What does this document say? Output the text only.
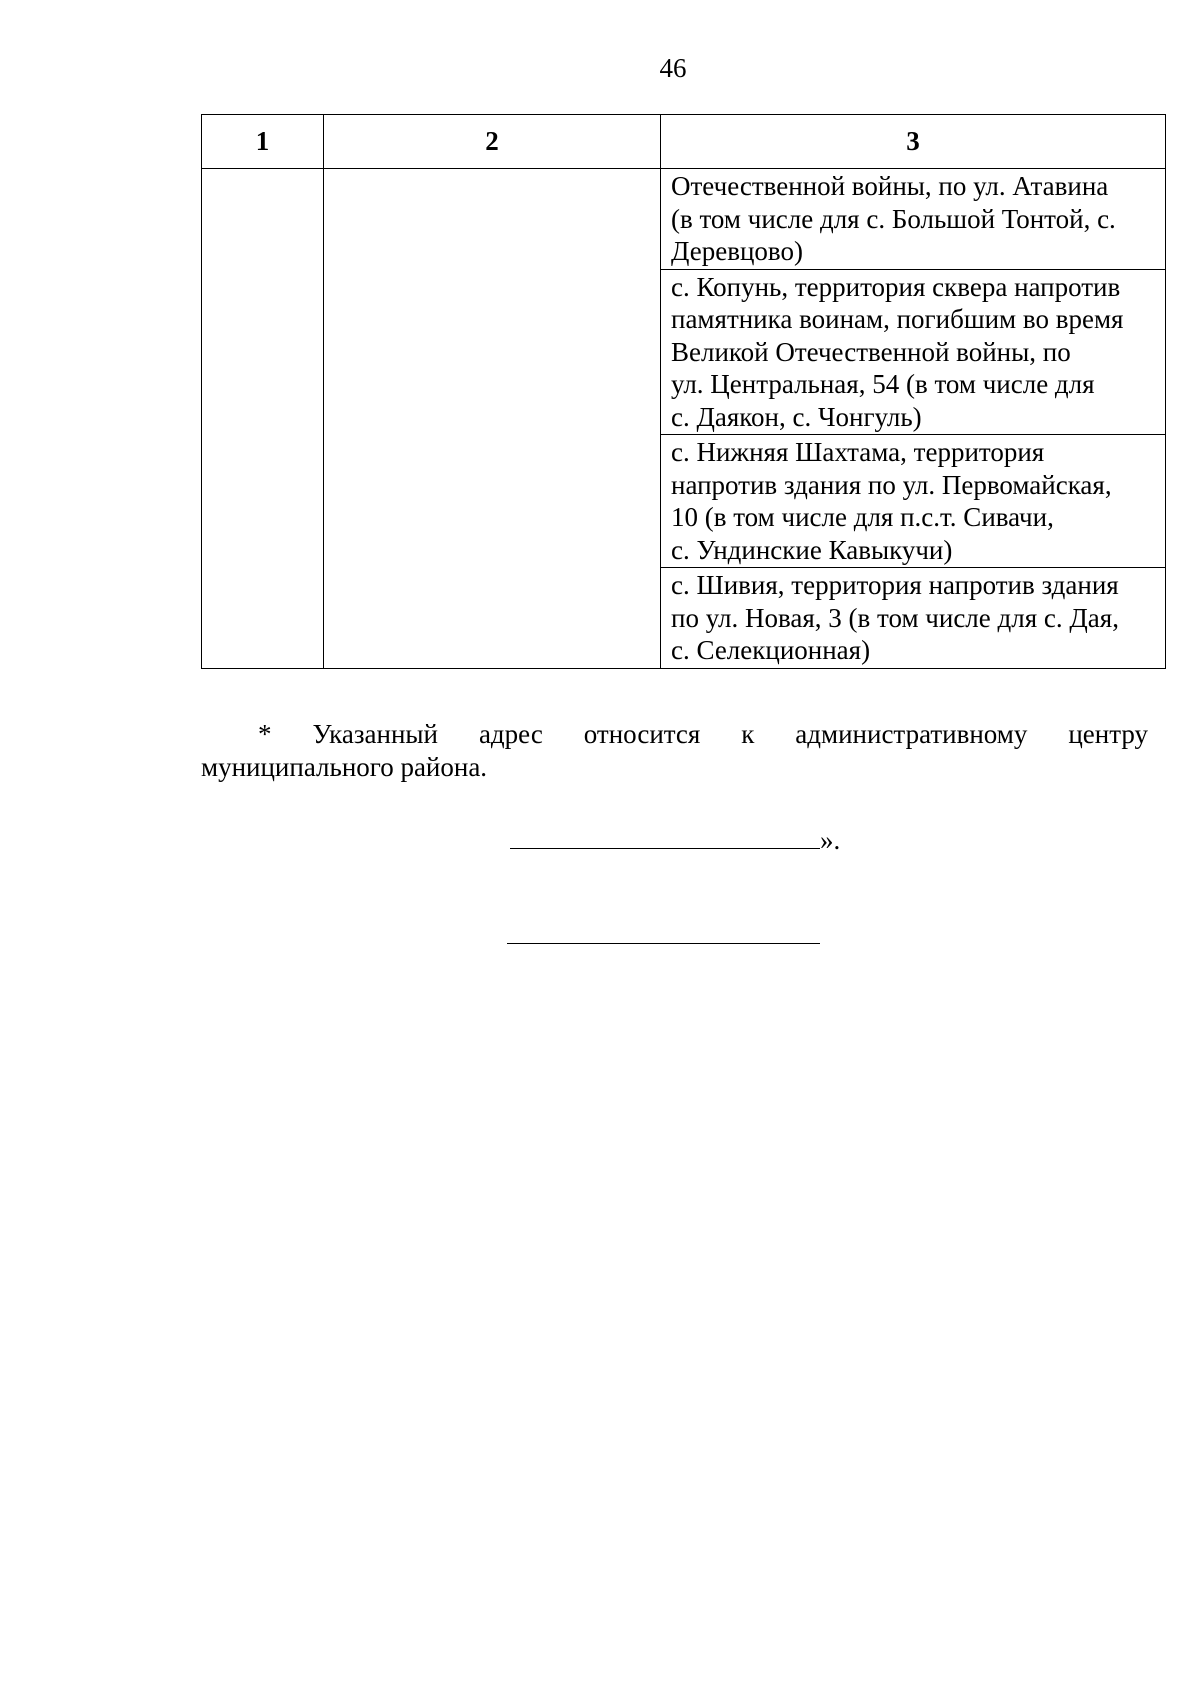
46
1	2	3

		Отечественной войны, по ул. Атавина
(в том числе для с. Большой Тонтой, с.
Деревцово)

		с. Копунь, территория сквера напротив
памятника воинам, погибшим во время
Великой Отечественной войны, по
ул. Центральная, 54 (в том числе для
с. Даякон, с. Чонгуль)

		с. Нижняя Шахтама, территория
напротив здания по ул. Первомайская,
10 (в том числе для п.с.т. Сивачи,
с. Ундинские Кавыкучи)

		с. Шивия, территория напротив здания
по ул. Новая, 3 (в том числе для с. Дая,
с. Селекционная)
* Указанный адрес относится к административному центру
муниципального района.
».
